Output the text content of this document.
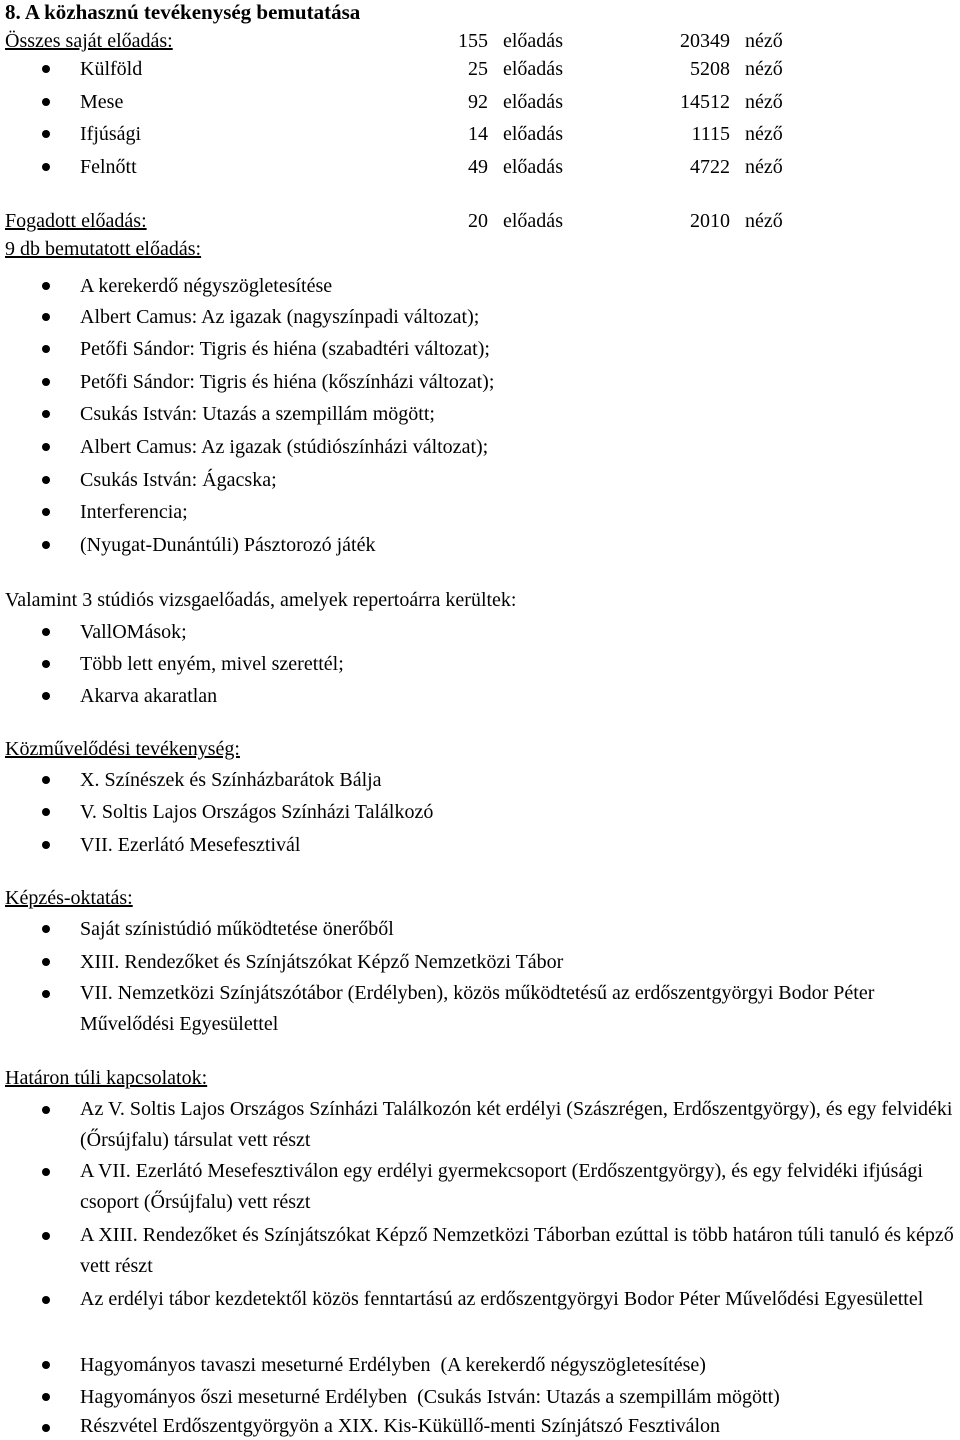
8. A közhasznú tevékenység bemutatása
Összes saját előadás:	155 előadás	20349 néző
Külföld	25 előadás	5208 néző
Mese	92 előadás	14512 néző
Ifjúsági	14 előadás	1115 néző
Felnőtt	49 előadás	4722 néző
Fogadott előadás:	20 előadás	2010 néző
9 db bemutatott előadás:
A kerekerdő négyszögletesítése
Albert Camus: Az igazak (nagyszínpadi változat);
Petőfi Sándor: Tigris és hiéna (szabadtéri változat);
Petőfi Sándor: Tigris és hiéna (kőszínházi változat);
Csukás István: Utazás a szempillám mögött;
Albert Camus: Az igazak (stúdiószínházi változat);
Csukás István: Ágacska;
Interferencia;
(Nyugat-Dunántúli) Pásztorozó játék
Valamint 3 stúdiós vizsgaelőadás, amelyek repertoárra kerültek:
VallOMások;
Több lett enyém, mivel szerettél;
Akarva akaratlan
Közművelődési tevékenység:
X. Színészek és Színházbarátok Bálja
V. Soltis Lajos Országos Színházi Találkozó
VII. Ezerlátó Mesefesztivál
Képzés-oktatás:
Saját színistúdió működtetése önerőből
XIII. Rendezőket és Színjátszókat Képző Nemzetközi Tábor
VII. Nemzetközi Színjátszótábor (Erdélyben), közös működtetésű az erdőszentgyörgyi Bodor Péter Művelődési Egyesülettel
Határon túli kapcsolatok:
Az V. Soltis Lajos Országos Színházi Találkozón két erdélyi (Szászrégen, Erdőszentgyörgy), és egy felvidéki (Őrsújfalu) társulat vett részt
A VII. Ezerlátó Mesefesztiválon egy erdélyi gyermekcsoport (Erdőszentgyörgy), és egy felvidéki ifjúsági csoport (Őrsújfalu) vett részt
A XIII. Rendezőket és Színjátszókat Képző Nemzetközi Táborban ezúttal is több határon túli tanuló és képző vett részt
Az erdélyi tábor kezdetektől közös fenntartású az erdőszentgyörgyi Bodor Péter Művelődési Egyesülettel
Hagyományos tavaszi meseturné Erdélyben  (A kerekerdő négyszögletesítése)
Hagyományos őszi meseturné Erdélyben  (Csukás István: Utazás a szempillám mögött)
Részvétel Erdőszentgyörgyön a XIX. Kis-Küküllő-menti Színjátszó Fesztiválon
